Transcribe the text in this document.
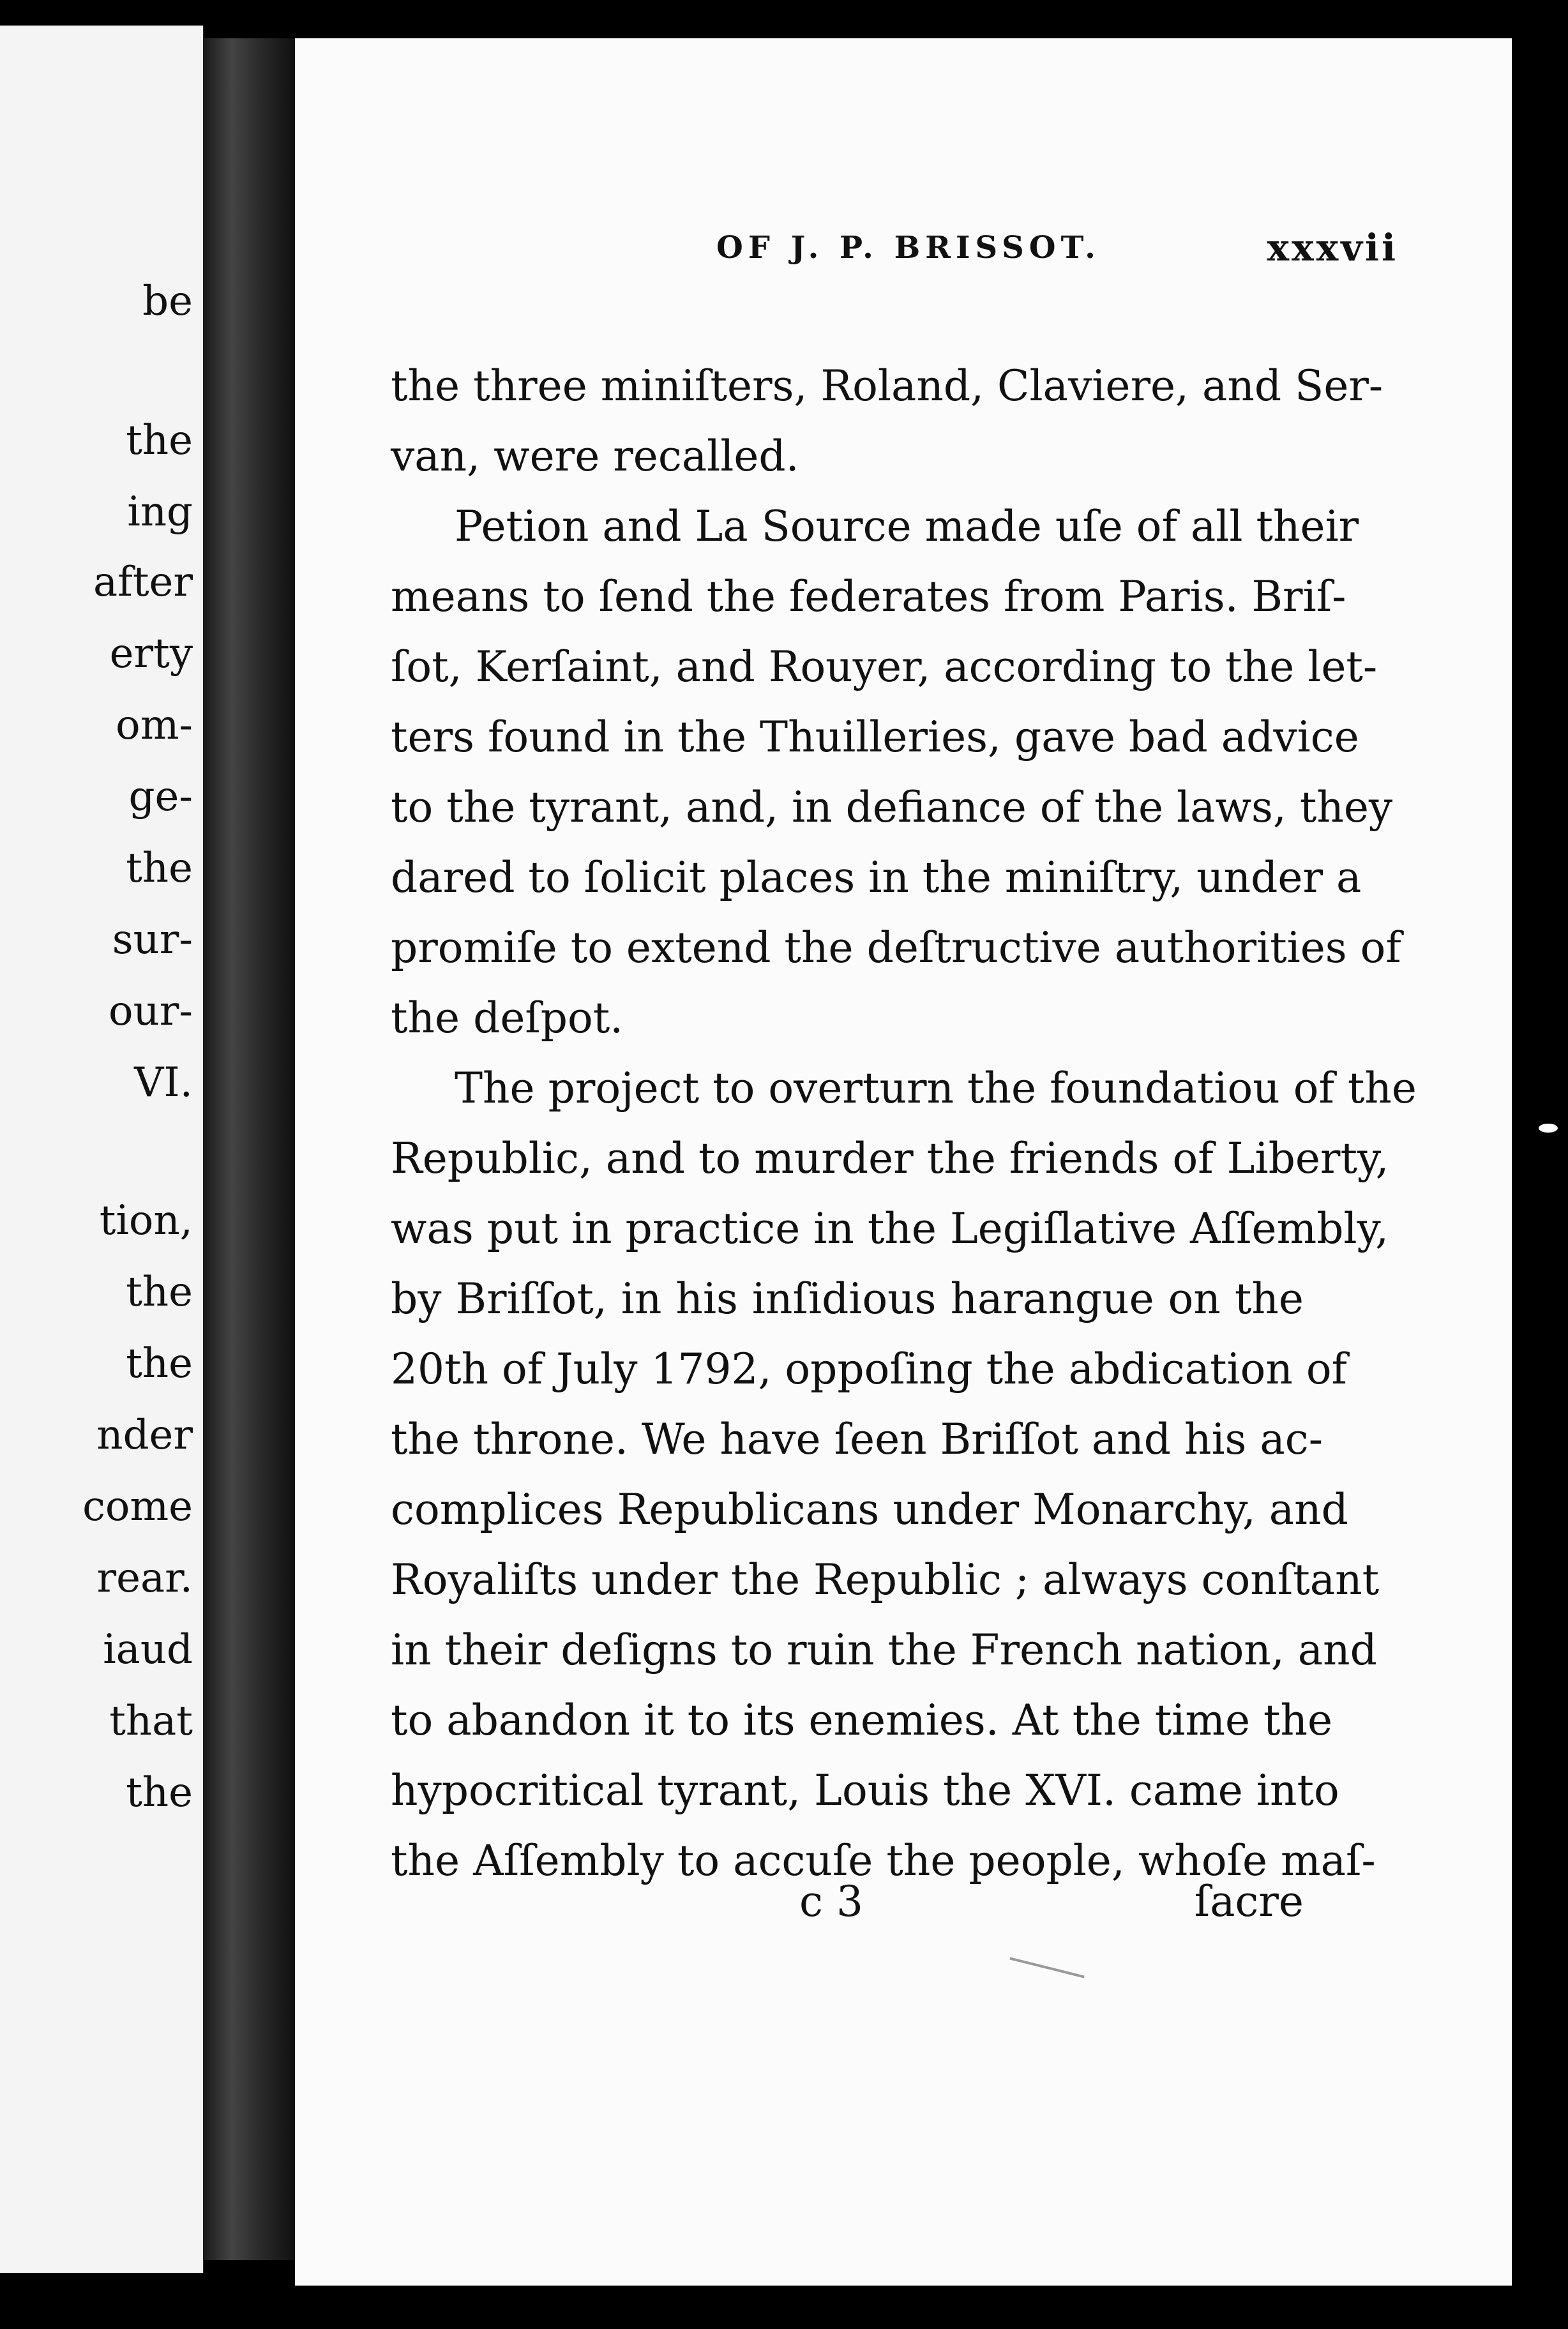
be
the
ing
after
erty
om-
ge-
the
sur-
our-
VI.
tion,
the
the
nder
come
rear.
iaud
that
the
OF J. P. BRISSOT.	xxxvii
the three miniſters, Roland, Claviere, and Ser-
van, were recalled.
Petion and La Source made uſe of all their
means to ſend the federates from Paris. Briſ-
ſot, Kerſaint, and Rouyer, according to the let-
ters found in the Thuilleries, gave bad advice
to the tyrant, and, in defiance of the laws, they
dared to ſolicit places in the miniſtry, under a
promiſe to extend the deſtructive authorities of
the deſpot.
The project to overturn the foundatiou of the
Republic, and to murder the friends of Liberty,
was put in practice in the Legiſlative Aſſembly,
by Briſſot, in his inſidious harangue on the
20th of July 1792, oppoſing the abdication of
the throne. We have ſeen Briſſot and his ac-
complices Republicans under Monarchy, and
Royaliſts under the Republic ; always conſtant
in their deſigns to ruin the French nation, and
to abandon it to its enemies. At the time the
hypocritical tyrant, Louis the XVI. came into
the Aſſembly to accuſe the people, whoſe maſ-
c 3	ſacre
